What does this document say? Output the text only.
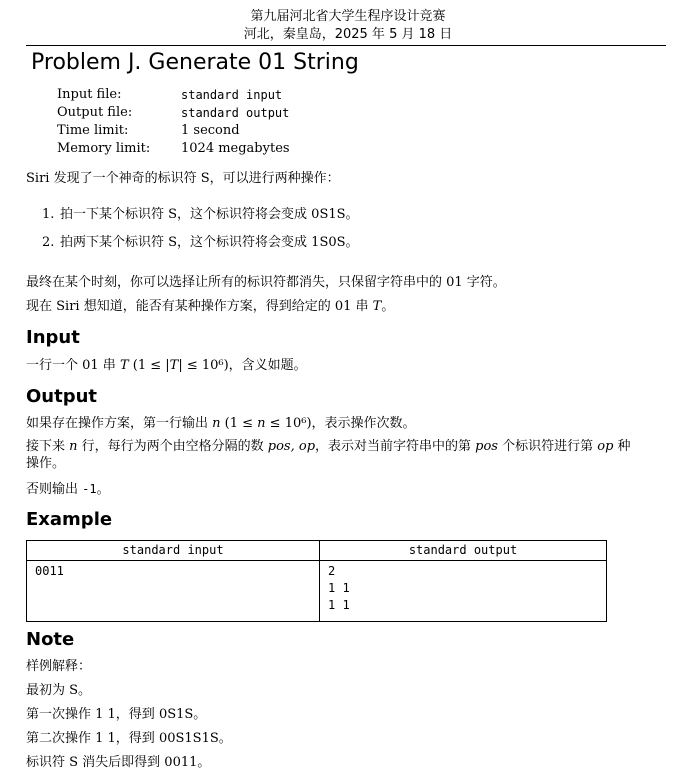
第九届河北省大学生程序设计竞赛
河北，秦皇岛，2025 年 5 月 18 日
Problem J. Generate 01 String
Input file:	standard input
Output file:	standard output
Time limit:	1 second
Memory limit:	1024 megabytes
Siri 发现了一个神奇的标识符 S，可以进行两种操作：
1. 拍一下某个标识符 S，这个标识符将会变成 0S1S。
2. 拍两下某个标识符 S，这个标识符将会变成 1S0S。
最终在某个时刻，你可以选择让所有的标识符都消失，只保留字符串中的 01 字符。
现在 Siri 想知道，能否有某种操作方案，得到给定的 01 串 T。
Input
一行一个 01 串 T (1 ≤ |T| ≤ 10⁶)，含义如题。
Output
如果存在操作方案，第一行输出 n (1 ≤ n ≤ 10⁶)，表示操作次数。
接下来 n 行，每行为两个由空格分隔的数 pos, op，表示对当前字符串中的第 pos 个标识符进行第 op 种
操作。
否则输出 -1。
Example
standard input	standard output

0011	2
1 1
1 1
Note
样例解释：
最初为 S。
第一次操作 1 1，得到 0S1S。
第二次操作 1 1，得到 00S1S1S。
标识符 S 消失后即得到 0011。
